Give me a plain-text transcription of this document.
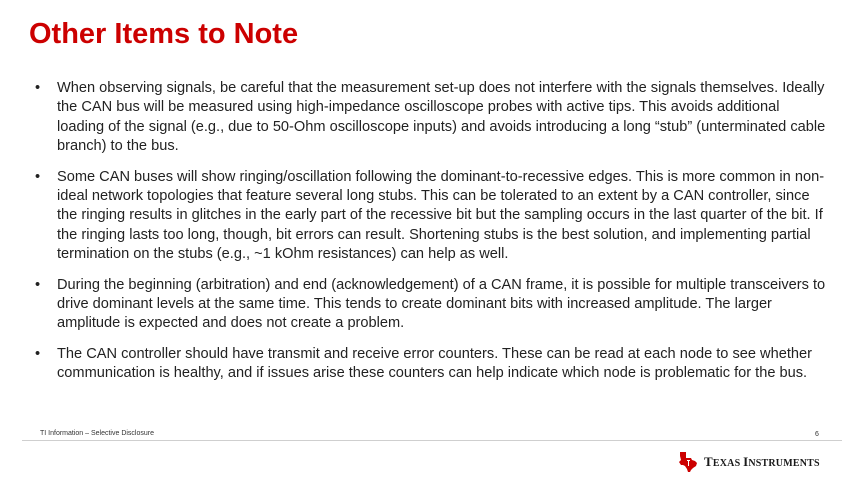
Other Items to Note
•	When observing signals, be careful that the measurement set-up does not interfere with the signals themselves. Ideally the CAN bus will be measured using high-impedance oscilloscope probes with active tips. This avoids additional loading of the signal (e.g., due to 50-Ohm oscilloscope inputs) and avoids introducing a long “stub” (unterminated cable branch) to the bus.
•	Some CAN buses will show ringing/oscillation following the dominant-to-recessive edges. This is more common in non-ideal network topologies that feature several long stubs. This can be tolerated to an extent by a CAN controller, since the ringing results in glitches in the early part of the recessive bit but the sampling occurs in the last quarter of the bit. If the ringing lasts too long, though, bit errors can result. Shortening stubs is the best solution, and implementing partial termination on the stubs (e.g., ~1 kOhm resistances) can help as well.
•	During the beginning (arbitration) and end (acknowledgement) of a CAN frame, it is possible for multiple transceivers to drive dominant levels at the same time. This tends to create dominant bits with increased amplitude. The larger amplitude is expected and does not create a problem.
•	The CAN controller should have transmit and receive error counters. These can be read at each node to see whether communication is healthy, and if issues arise these counters can help indicate which node is problematic for the bus.
TI Information – Selective Disclosure	6
TEXAS INSTRUMENTS
